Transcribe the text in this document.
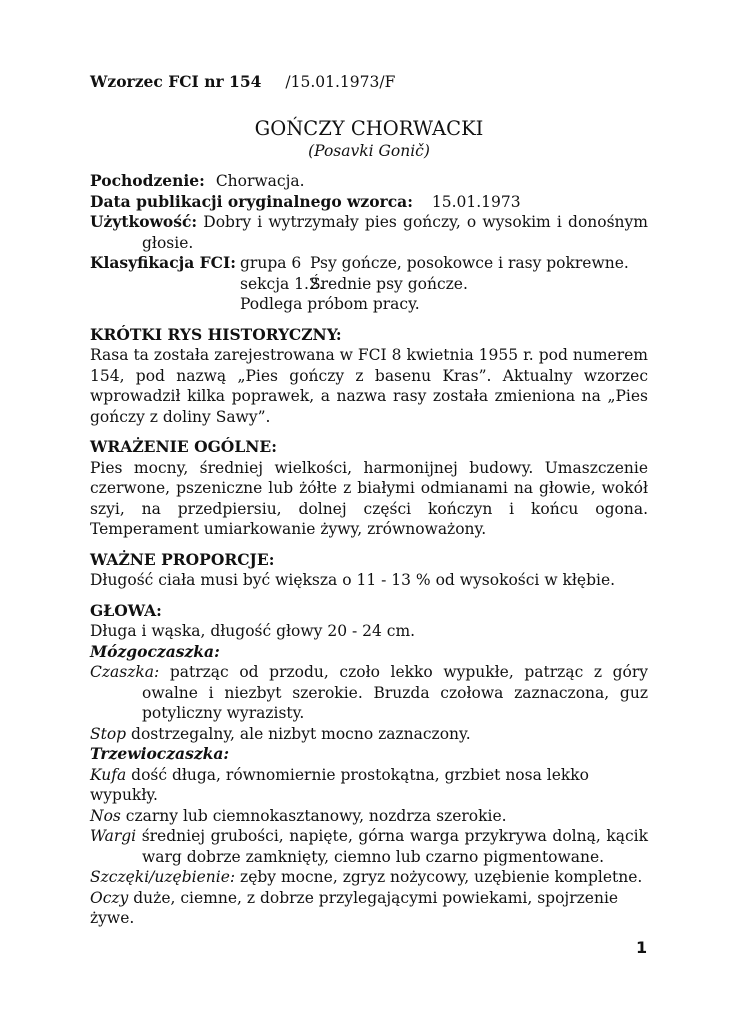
Wzorzec FCI nr 154 /15.01.1973/F
GOŃCZY CHORWACKI
(Posavki Gonič)
Pochodzenie: Chorwacja.
Data publikacji oryginalnego wzorca: 15.01.1973
Użytkowość: Dobry i wytrzymały pies gończy, o wysokim i donośnym głosie.
Klasyfikacja FCI: grupa 6 Psy gończe, posokowce i rasy pokrewne.
sekcja 1.2.
Średnie psy gończe.
Podlega próbom pracy.
KRÓTKI RYS HISTORYCZNY:
Rasa ta została zarejestrowana w FCI 8 kwietnia 1955 r. pod numerem 154, pod nazwą „Pies gończy z basenu Kras”. Aktualny wzorzec wprowadził kilka poprawek, a nazwa rasy została zmieniona na „Pies gończy z doliny Sawy”.
WRAŻENIE OGÓLNE:
Pies mocny, średniej wielkości, harmonijnej budowy. Umaszczenie czerwone, pszeniczne lub żółte z białymi odmianami na głowie, wokół szyi, na przedpiersiu, dolnej części kończyn i końcu ogona. Temperament umiarkowanie żywy, zrównoważony.
WAŻNE PROPORCJE:
Długość ciała musi być większa o 11 - 13 % od wysokości w kłębie.
GŁOWA:
Długa i wąska, długość głowy 20 - 24 cm.
Mózgoczaszka:
Czaszka: patrząc od przodu, czoło lekko wypukłe, patrząc z góry owalne i niezbyt szerokie. Bruzda czołowa zaznaczona, guz potyliczny wyrazisty.
Stop dostrzegalny, ale nizbyt mocno zaznaczony.
Trzewioczaszka:
Kufa dość długa, równomiernie prostokątna, grzbiet nosa lekko wypukły.
Nos czarny lub ciemnokasztanowy, nozdrza szerokie.
Wargi średniej grubości, napięte, górna warga przykrywa dolną, kącik warg dobrze zamknięty, ciemno lub czarno pigmentowane.
Szczęki/uzębienie: zęby mocne, zgryz nożycowy, uzębienie kompletne.
Oczy duże, ciemne, z dobrze przylegającymi powiekami, spojrzenie żywe.
1
